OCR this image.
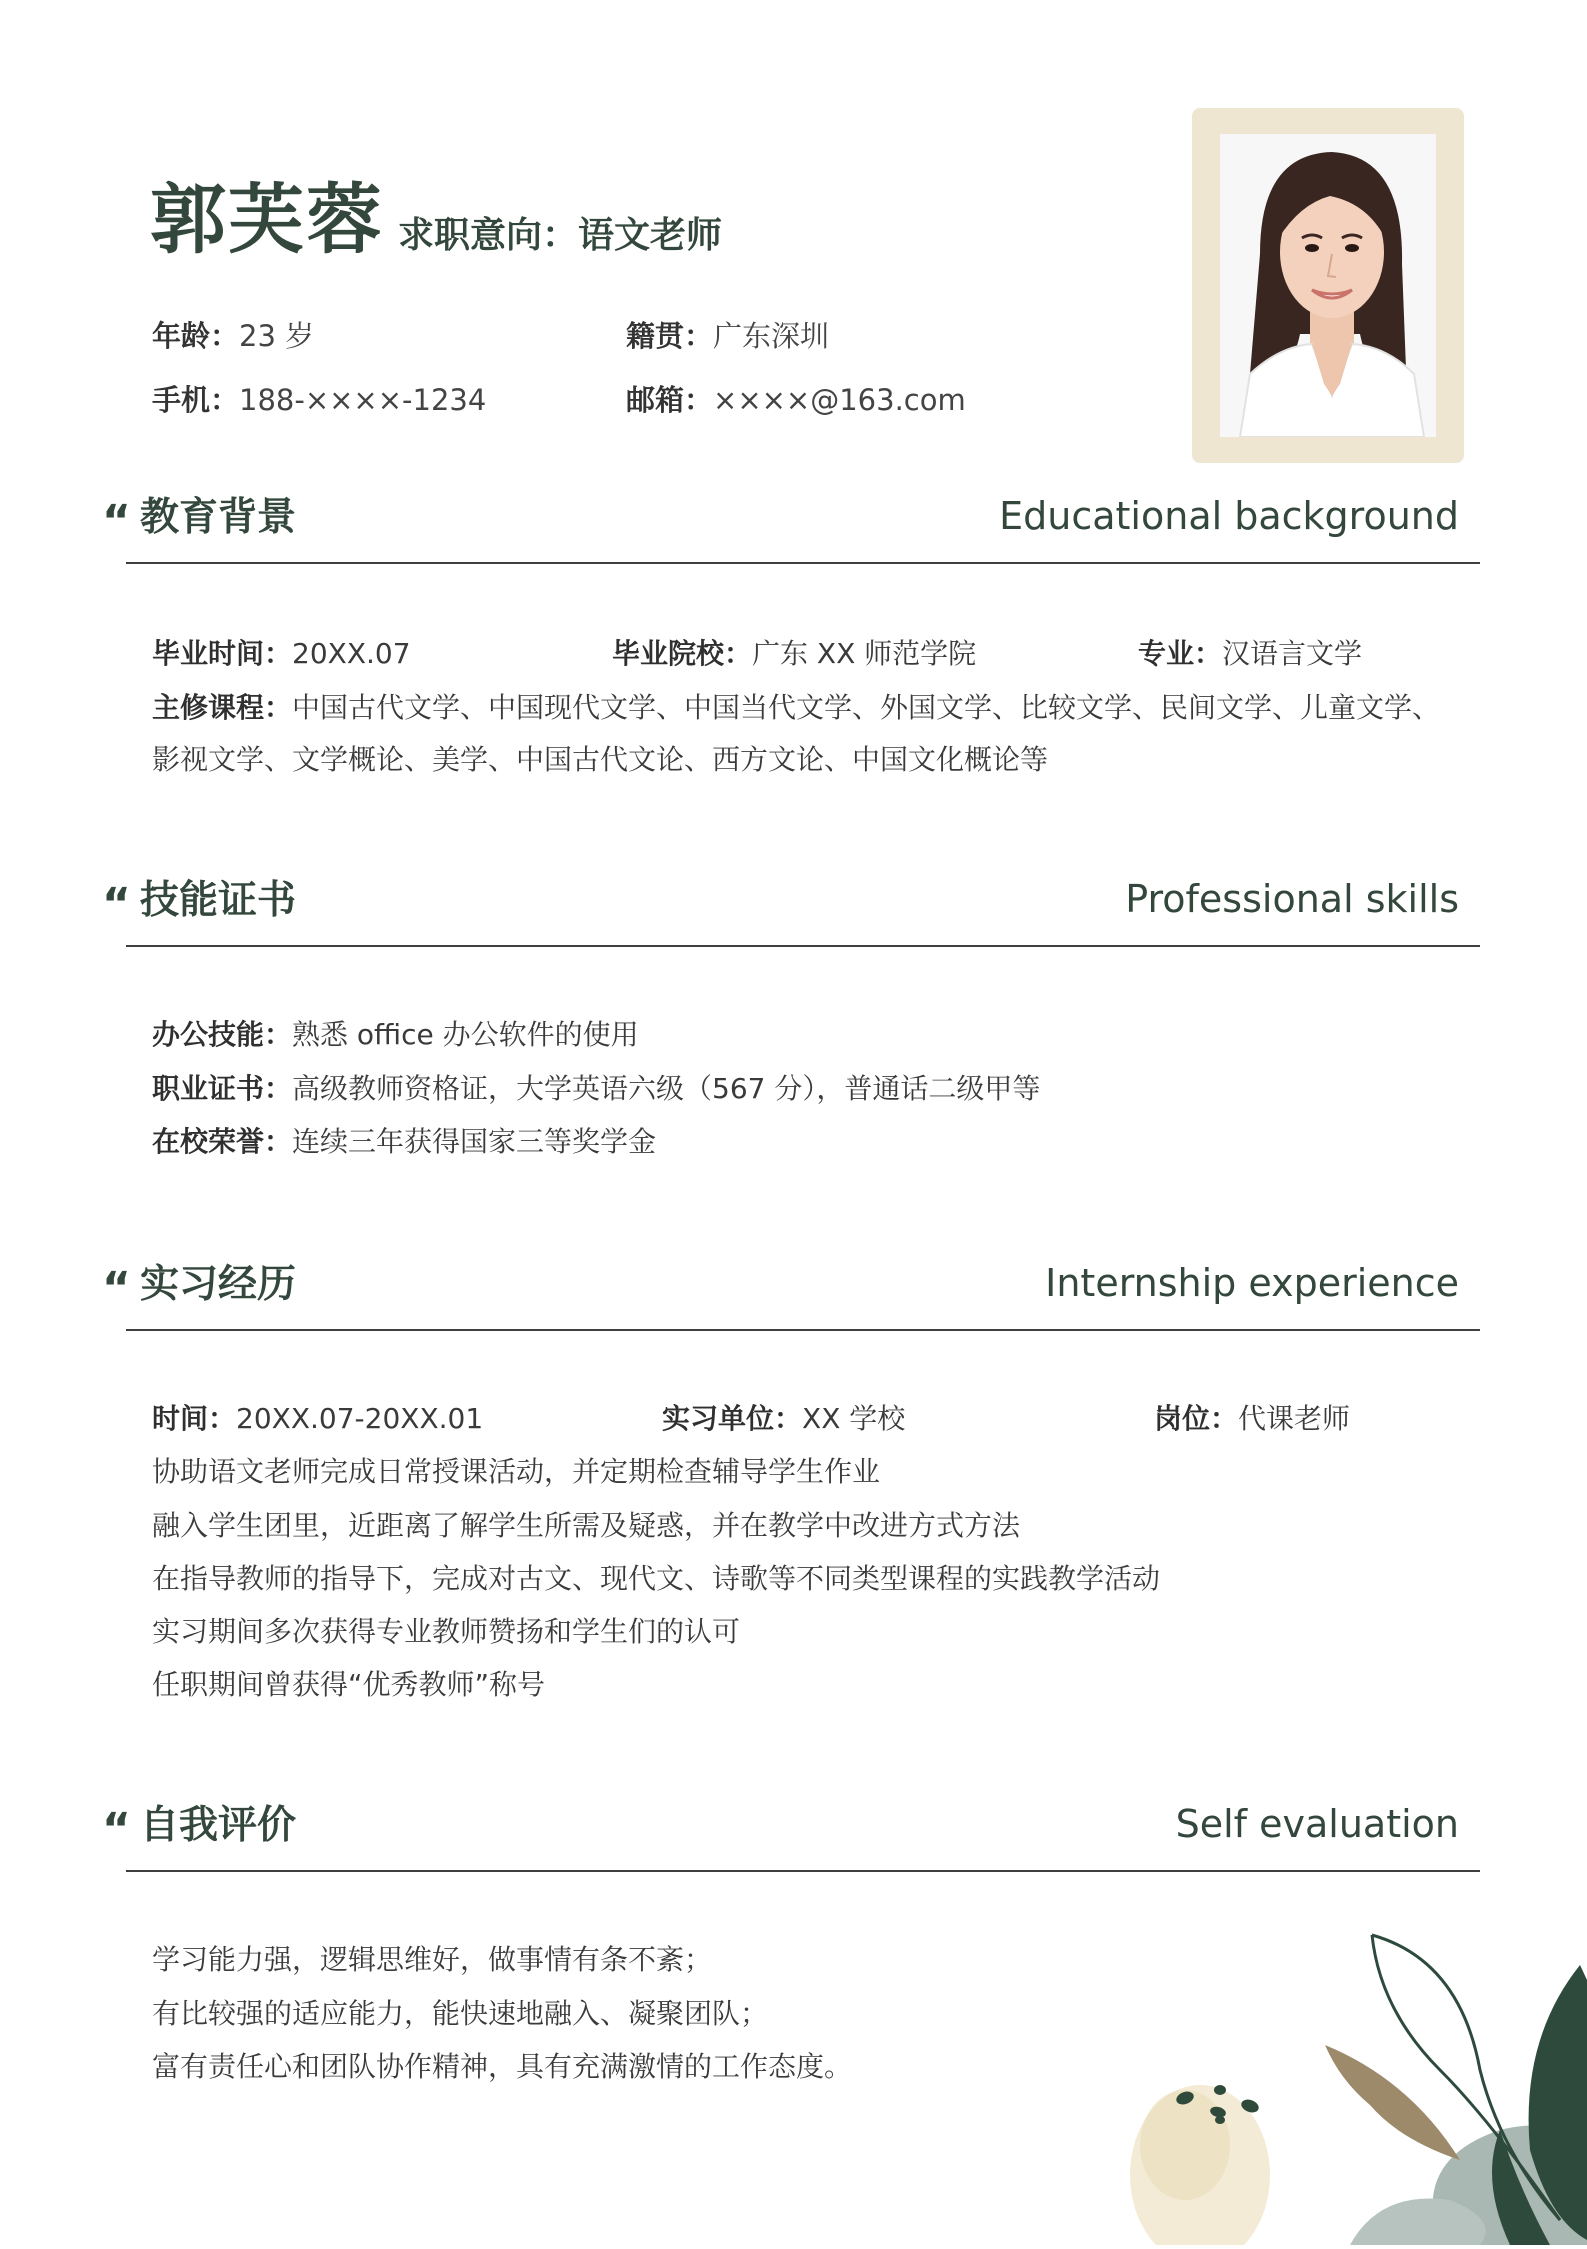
郭芙蓉 求职意向：语文老师
年龄：23 岁	籍贯：广东深圳
手机：188-××××-1234	邮箱：××××@163.com
“ 教育背景	Educational background
毕业时间：20XX.07	毕业院校：广东 XX 师范学院	专业：汉语言文学
主修课程：中国古代文学、中国现代文学、中国当代文学、外国文学、比较文学、民间文学、儿童文学、
影视文学、文学概论、美学、中国古代文论、西方文论、中国文化概论等
“ 技能证书	Professional skills
办公技能：熟悉 office 办公软件的使用
职业证书：高级教师资格证，大学英语六级（567 分），普通话二级甲等
在校荣誉：连续三年获得国家三等奖学金
“ 实习经历	Internship experience
时间：20XX.07-20XX.01	实习单位：XX 学校	岗位：代课老师
协助语文老师完成日常授课活动，并定期检查辅导学生作业
融入学生团里，近距离了解学生所需及疑惑，并在教学中改进方式方法
在指导教师的指导下，完成对古文、现代文、诗歌等不同类型课程的实践教学活动
实习期间多次获得专业教师赞扬和学生们的认可
任职期间曾获得“优秀教师”称号
“ 自我评价	Self evaluation
学习能力强，逻辑思维好，做事情有条不紊；
有比较强的适应能力，能快速地融入、凝聚团队；
富有责任心和团队协作精神，具有充满激情的工作态度。
